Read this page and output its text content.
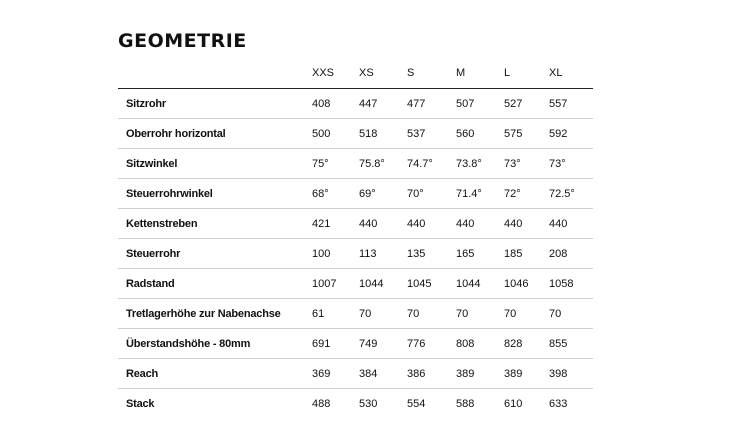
GEOMETRIE
	XXS	XS	S	M	L	XL
Sitzrohr	408	447	477	507	527	557
Oberrohr horizontal	500	518	537	560	575	592
Sitzwinkel	75°	75.8°	74.7°	73.8°	73°	73°
Steuerrohrwinkel	68°	69°	70°	71.4°	72°	72.5°
Kettenstreben	421	440	440	440	440	440
Steuerrohr	100	113	135	165	185	208
Radstand	1007	1044	1045	1044	1046	1058
Tretlagerhöhe zur Nabenachse	61	70	70	70	70	70
Überstandshöhe - 80mm	691	749	776	808	828	855
Reach	369	384	386	389	389	398
Stack	488	530	554	588	610	633
